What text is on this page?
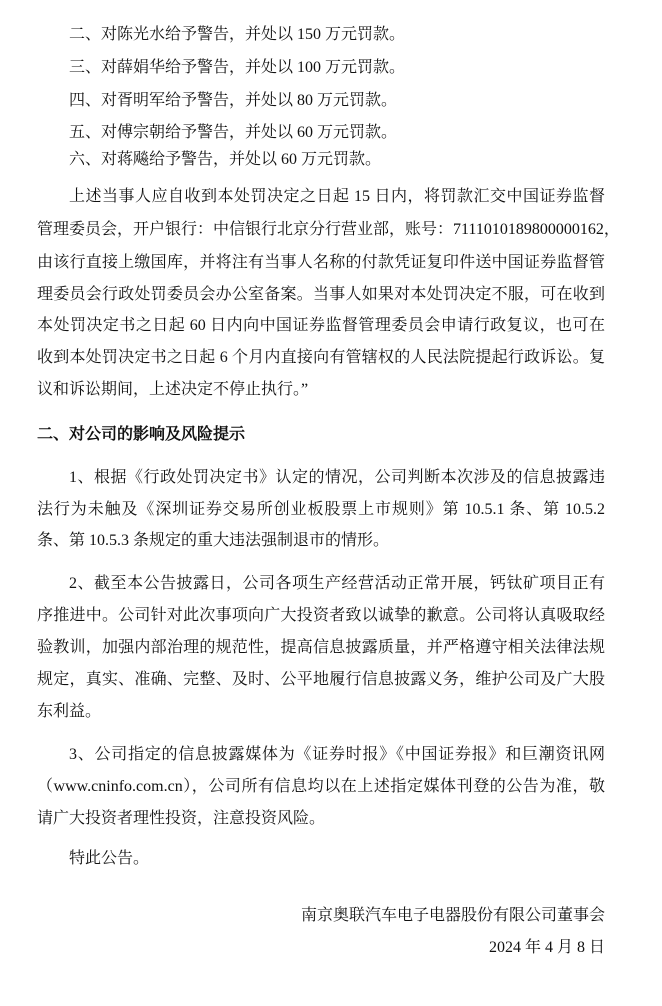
二、对陈光水给予警告，并处以 150 万元罚款。
三、对薛娟华给予警告，并处以 100 万元罚款。
四、对胥明军给予警告，并处以 80 万元罚款。
五、对傅宗朝给予警告，并处以 60 万元罚款。
六、对蒋飚给予警告，并处以 60 万元罚款。
上述当事人应自收到本处罚决定之日起 15 日内，将罚款汇交中国证券监督
管理委员会，开户银行：中信银行北京分行营业部，账号：7111010189800000162，
由该行直接上缴国库，并将注有当事人名称的付款凭证复印件送中国证券监督管
理委员会行政处罚委员会办公室备案。当事人如果对本处罚决定不服，可在收到
本处罚决定书之日起 60 日内向中国证券监督管理委员会申请行政复议，也可在
收到本处罚决定书之日起 6 个月内直接向有管辖权的人民法院提起行政诉讼。复
议和诉讼期间，上述决定不停止执行。”
二、对公司的影响及风险提示
1、根据《行政处罚决定书》认定的情况，公司判断本次涉及的信息披露违
法行为未触及《深圳证券交易所创业板股票上市规则》第 10.5.1 条、第 10.5.2
条、第 10.5.3 条规定的重大违法强制退市的情形。
2、截至本公告披露日，公司各项生产经营活动正常开展，钙钛矿项目正有
序推进中。公司针对此次事项向广大投资者致以诚挚的歉意。公司将认真吸取经
验教训，加强内部治理的规范性，提高信息披露质量，并严格遵守相关法律法规
规定，真实、准确、完整、及时、公平地履行信息披露义务，维护公司及广大股
东利益。
3、公司指定的信息披露媒体为《证券时报》《中国证券报》和巨潮资讯网
（www.cninfo.com.cn），公司所有信息均以在上述指定媒体刊登的公告为准，敬
请广大投资者理性投资，注意投资风险。
特此公告。
南京奥联汽车电子电器股份有限公司董事会
2024 年 4 月 8 日
